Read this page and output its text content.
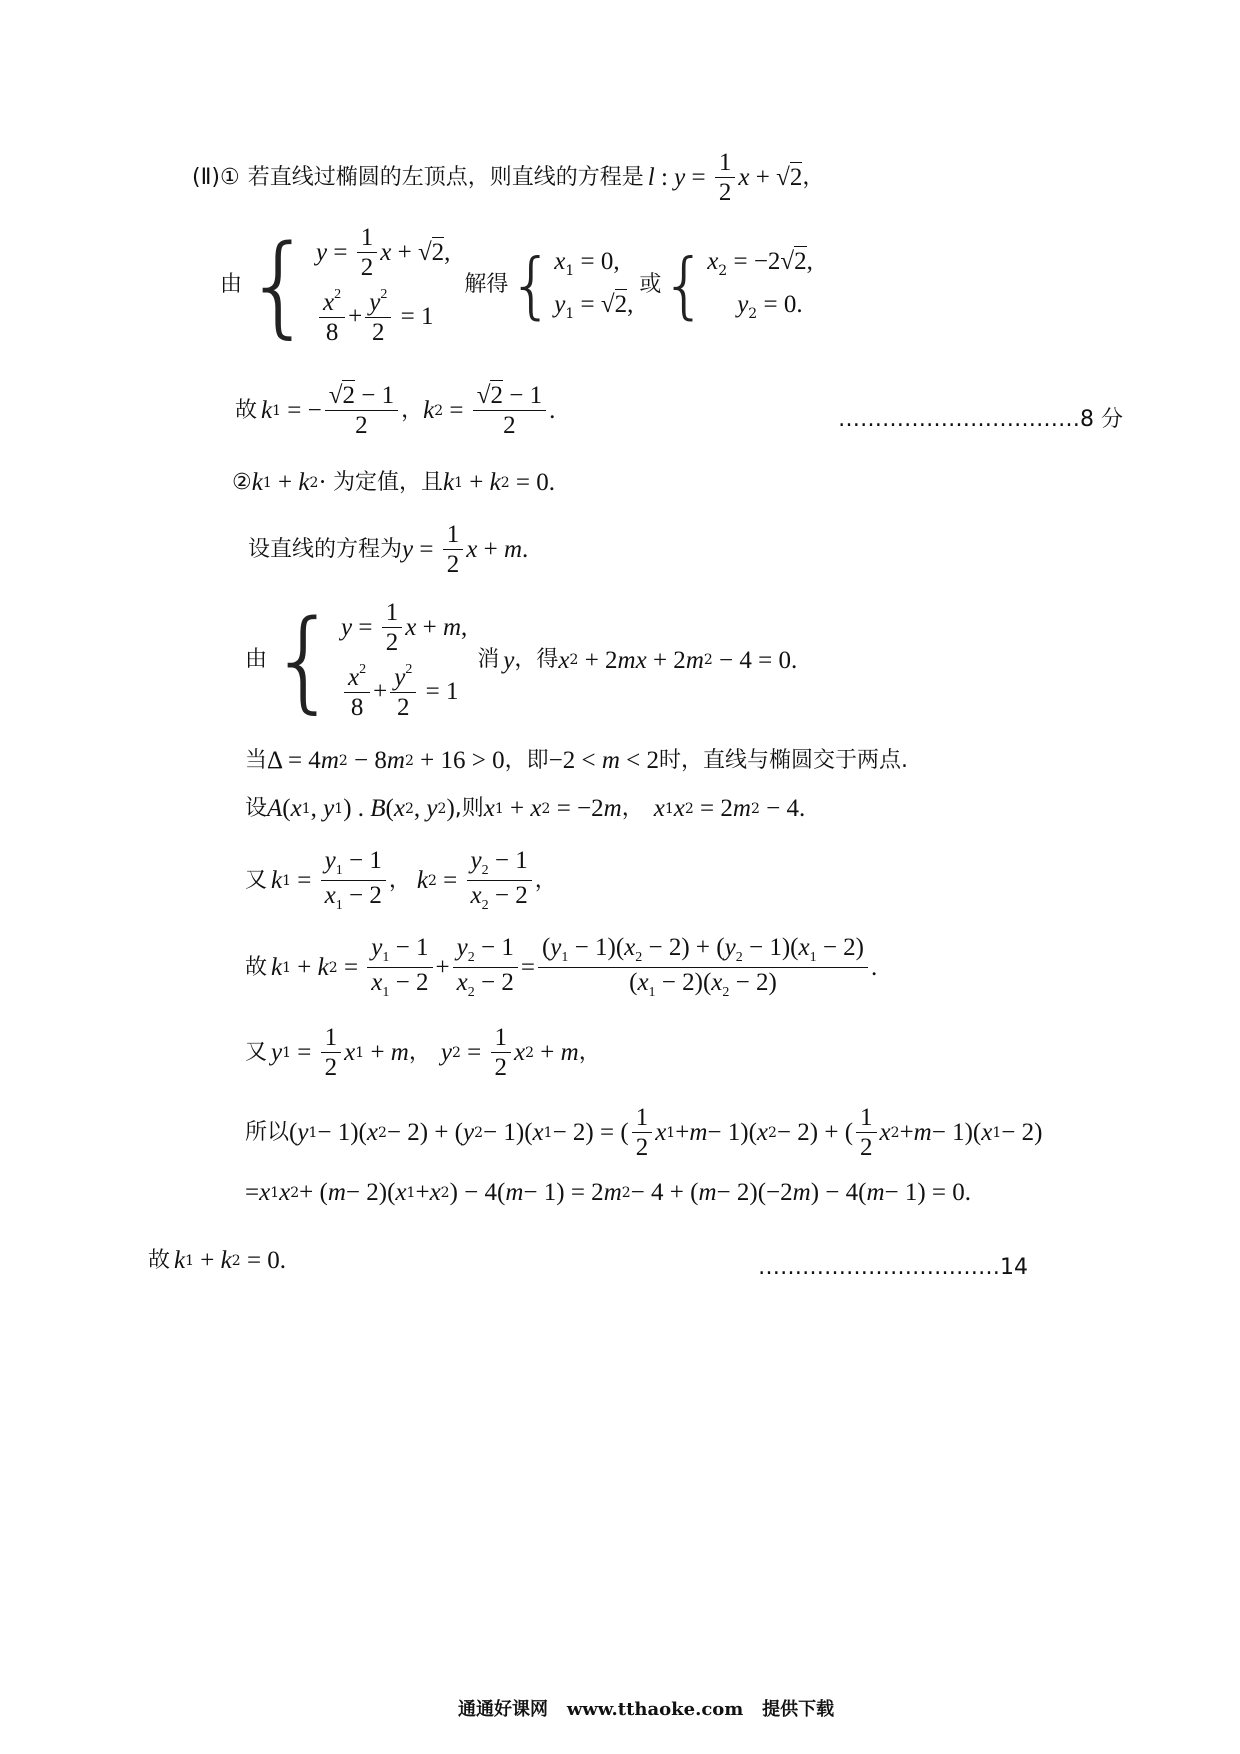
(Ⅱ) ① 若直线过椭圆的左顶点，则直线的方程是 l : $y = \frac{1}{2}$ x + √2 ，
由 { $y = \frac{1}{2}$ x + √2,
$\frac{x^2}{8} + \frac{y^2}{2} = 1$
解得 { $x_1 = 0$,
$y_1 = √2$,
或 { $x_2 = -2√2$,
$y_2 = 0$.
故 k 1 = − $\frac{√2 - 1}{2}$ ， k $2 = \frac{√2 - 1}{2}$ .	……………………………8 分
② k 1 + k 2 · 为定值，且 k 1 + k 2 = 0.
设直线的方程为 $y = \frac{1}{2}$ x + m .
由 { $y = \frac{1}{2}$ x + m ,
$\frac{x^2}{8} + \frac{y^2}{2} = 1$
消 y ，得 x 2 + 2 mx + 2 m 2 − 4 = 0.
当 Δ = 4 m 2 − 8 m 2 + 16 > 0 ，即 −2 < m < 2 时，直线与椭圆交于两点.
设 A ( x 1 , y 1 ) . B ( x 2 , y 2 ) ,则 x 1 + x 2 = −2 m ， x 1 x 2 = 2 m 2 − 4.
又 k $1 = \frac{y_1 - 1}{x_1 - 2}$ ， k $2 = \frac{y_2 - 1}{x_2 - 2}$ ，
故 k 1 + k $2 = \frac{y_1 - 1}{x_1 - 2} + \frac{y_2 - 1}{x_2 - 2} = \frac{(y_1 - 1)(x_2 - 2) + (y_2 - 1)(x_1 - 2)}{(x_1 - 2)(x_2 - 2)}$ .
又 y $1 = \frac{1}{2}$ x 1 + m ， y $2 = \frac{1}{2}$ x 2 + m ，
所以 ( y 1 − 1)( x 2 − 2) + ( y 2 − 1)( x 1 − 2) = ( $\frac{1}{2}$ x 1 + m − 1)( x 2 − 2) + ( $\frac{1}{2}$ x 2 + m − 1)( x 1 − 2)
= x 1 x 2 + ( m − 2)( x 1 + x 2 ) − 4( m − 1) = 2 m 2 − 4 + ( m − 2)(−2 m ) − 4( m − 1) = 0.
故 k 1 + k 2 = 0.	……………………………14
通通好课网 www.tthaoke.com 提供下载
